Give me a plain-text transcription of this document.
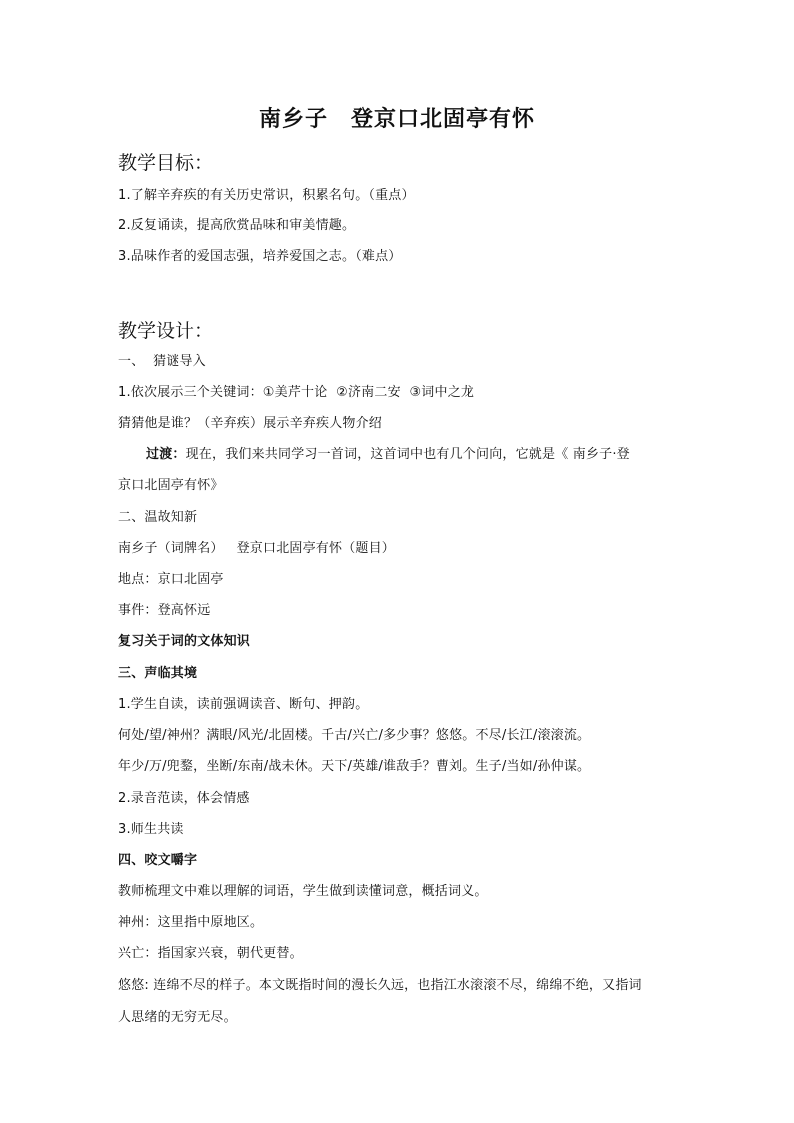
南乡子　登京口北固亭有怀
教学目标：
1.了解辛弃疾的有关历史常识，积累名句。（重点）
2.反复诵读，提高欣赏品味和审美情趣。
3.品味作者的爱国志强，培养爱国之志。（难点）
教学设计：
一、  猜谜导入
1.依次展示三个关键词：①美芹十论  ②济南二安  ③词中之龙
猜猜他是谁？（辛弃疾）展示辛弃疾人物介绍
过渡：现在，我们来共同学习一首词，这首词中也有几个问向，它就是《 南乡子·登
京口北固亭有怀》
二、温故知新
南乡子（词牌名）   登京口北固亭有怀（题目）
地点：京口北固亭
事件：登高怀远
复习关于词的文体知识
三、声临其境
1.学生自读，读前强调读音、断句、押韵。
何处/望/神州？满眼/风光/北固楼。千古/兴亡/多少事？悠悠。不尽/长江/滚滚流。
年少/万/兜鍪，坐断/东南/战未休。天下/英雄/谁敌手？曹刘。生子/当如/孙仲谋。
2.录音范读，体会情感
3.师生共读
四、咬文嚼字
教师梳理文中难以理解的词语，学生做到读懂词意，概括词义。
神州：这里指中原地区。
兴亡：指国家兴衰，朝代更替。
悠悠: 连绵不尽的样子。本文既指时间的漫长久远，也指江水滚滚不尽，绵绵不绝，又指词
人思绪的无穷无尽。
